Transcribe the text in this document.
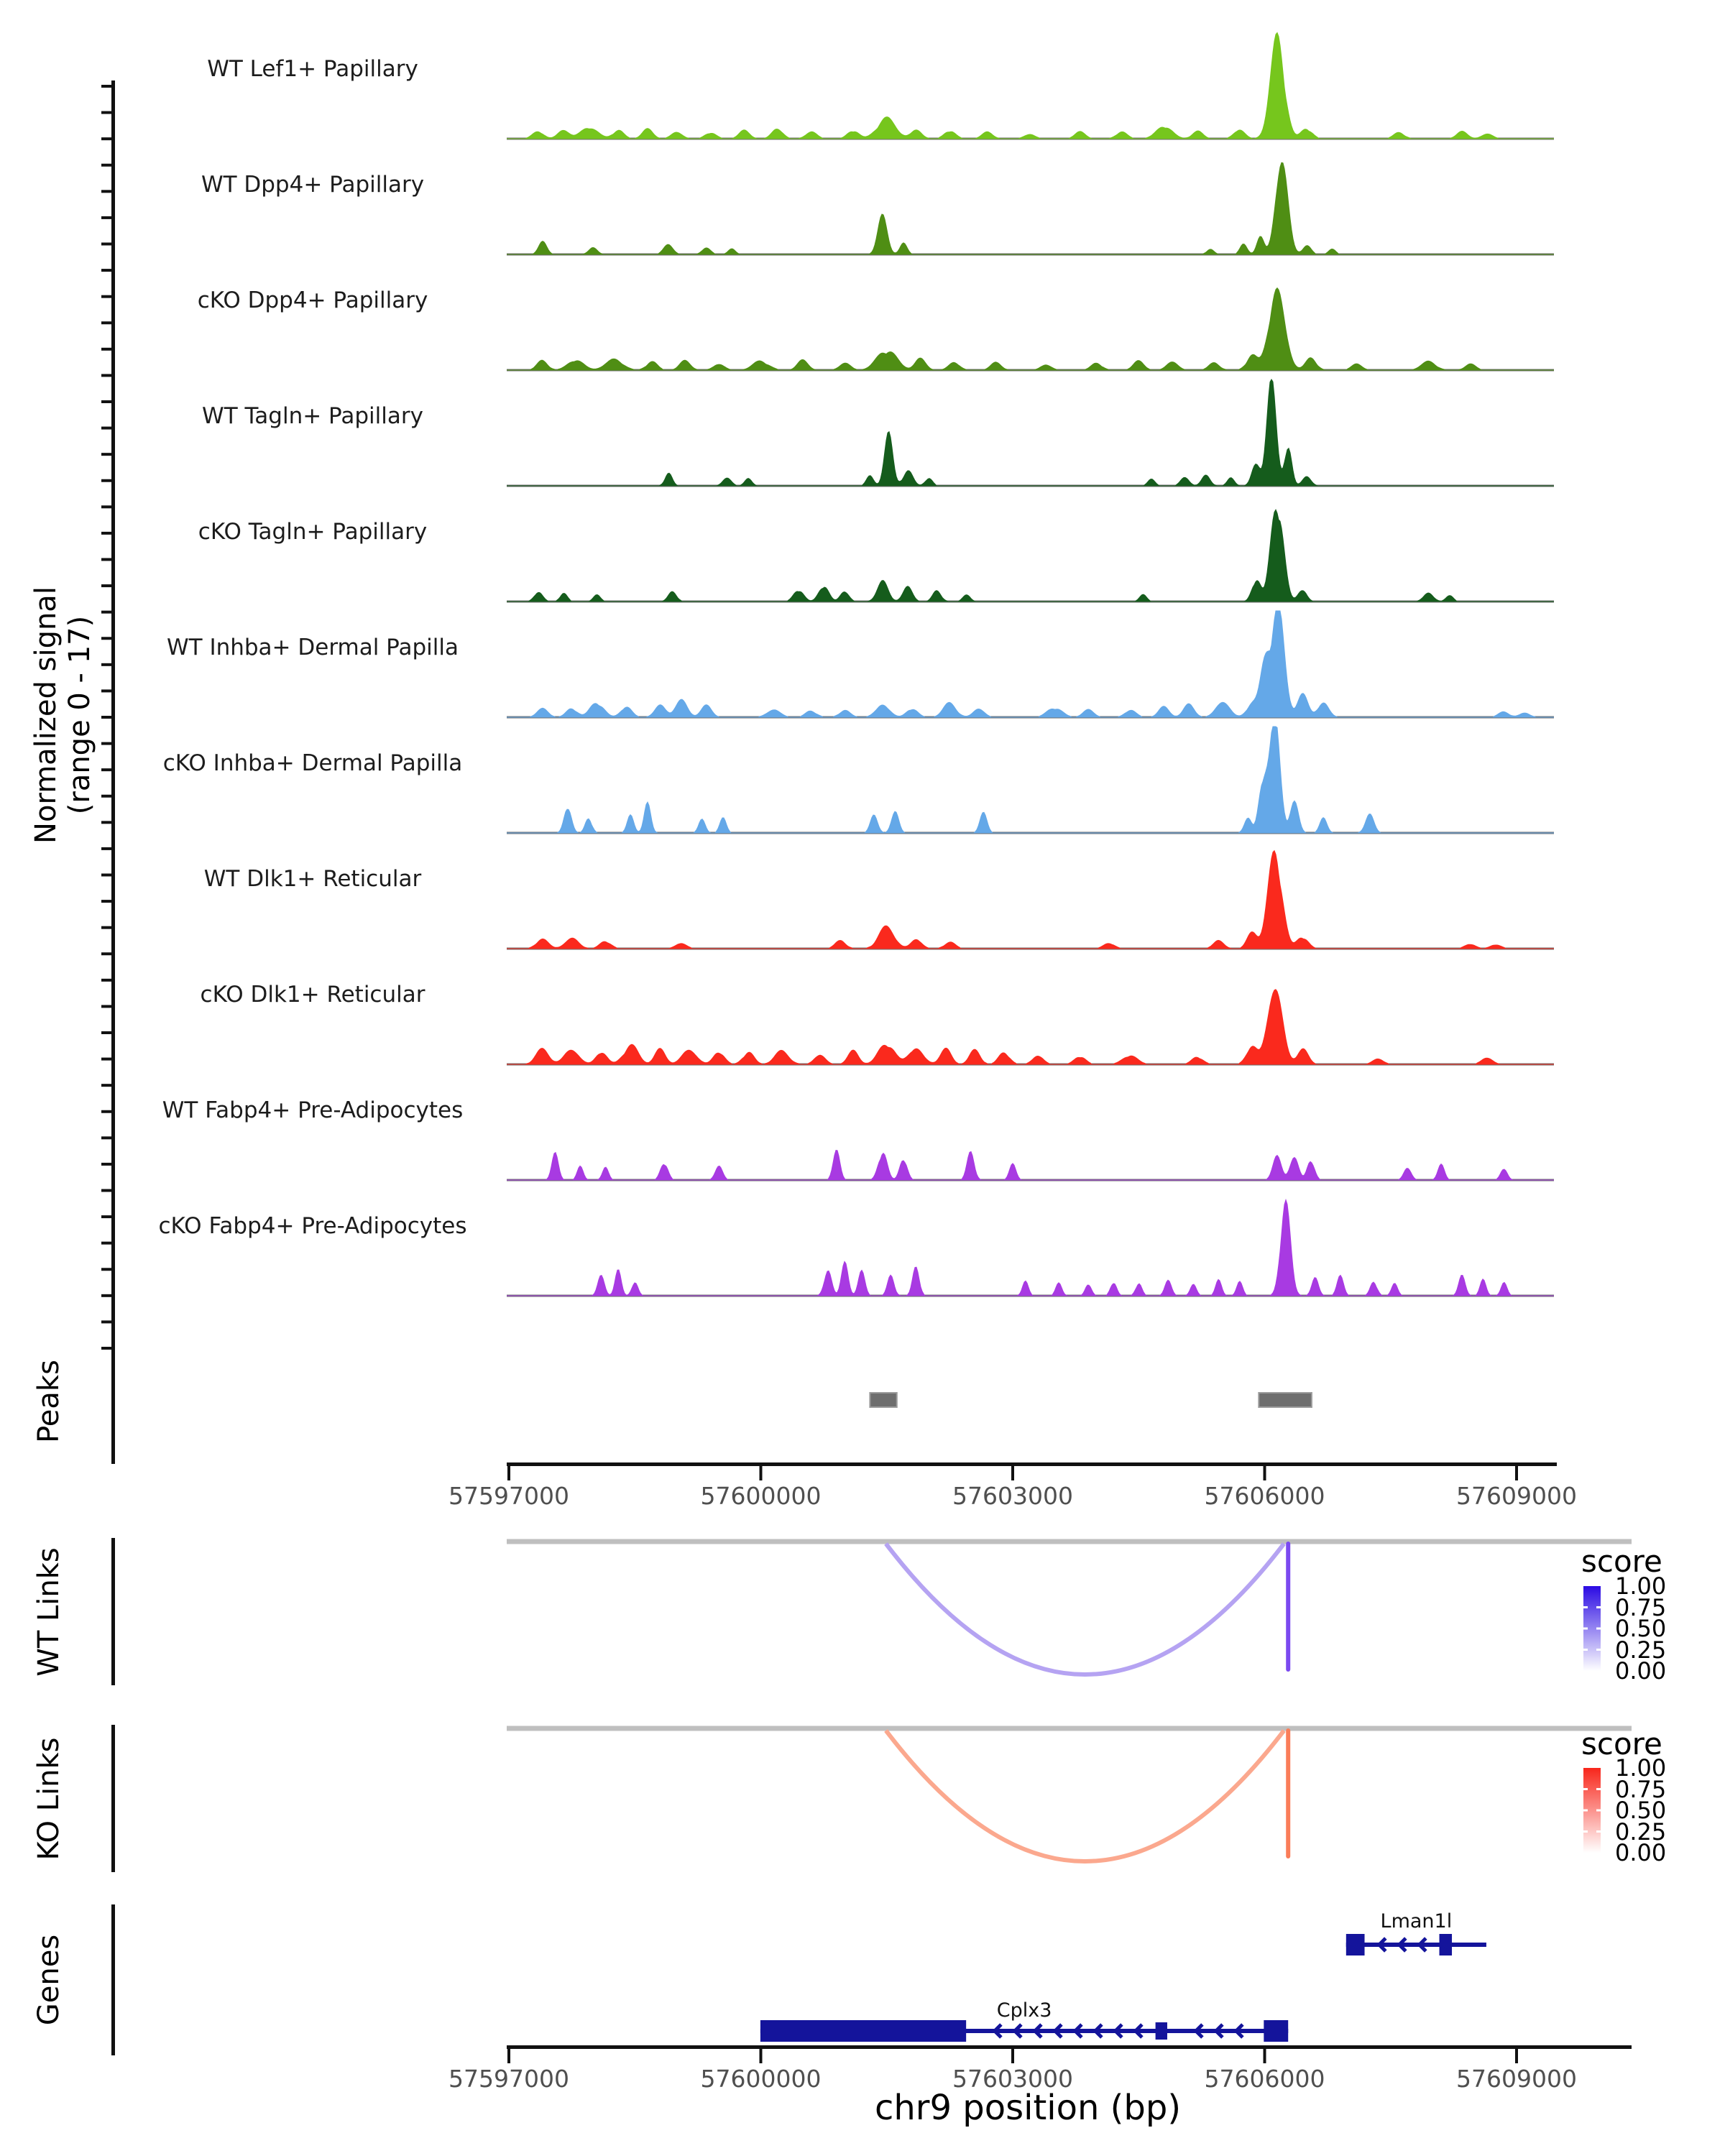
Normalized signal (range 0 - 17)
Peaks
WT Links
KO Links
Genes
score
score
chr9 position (bp)
WT Lef1+ Papillary
WT Dpp4+ Papillary
cKO Dpp4+ Papillary
WT Tagln+ Papillary
cKO Tagln+ Papillary
WT Inhba+ Dermal Papilla
cKO Inhba+ Dermal Papilla
WT Dlk1+ Reticular
cKO Dlk1+ Reticular
WT Fabp4+ Pre-Adipocytes
cKO Fabp4+ Pre-Adipocytes
57597000	57600000	57603000	57606000	57609000
1.00
0.75
0.50
0.25
0.00
1.00
0.75
0.50
0.25
0.00
Lman1l
Cplx3
57597000	57600000	57603000	57606000	57609000
